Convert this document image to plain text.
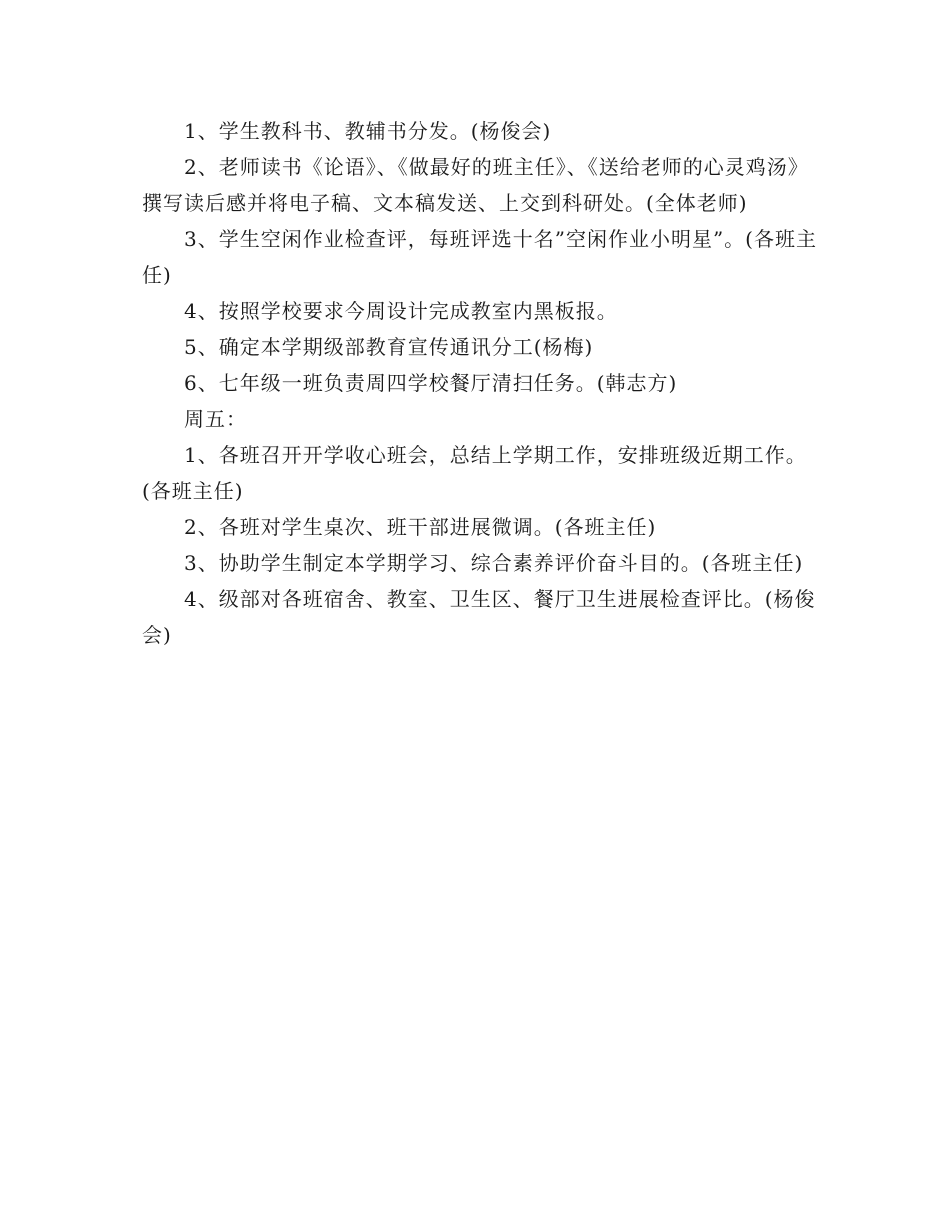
1、学生教科书、教辅书分发。(杨俊会)

2、老师读书《论语》、《做最好的班主任》、《送给老师的心灵鸡汤》撰写读后感并将电子稿、文本稿发送、上交到科研处。(全体老师)

3、学生空闲作业检查评，每班评选十名”空闲作业小明星”。(各班主任)

4、按照学校要求今周设计完成教室内黑板报。

5、确定本学期级部教育宣传通讯分工(杨梅)

6、七年级一班负责周四学校餐厅清扫任务。(韩志方)

周五：

1、各班召开开学收心班会，总结上学期工作，安排班级近期工作。(各班主任)

2、各班对学生桌次、班干部进展微调。(各班主任)

3、协助学生制定本学期学习、综合素养评价奋斗目的。(各班主任)

4、级部对各班宿舍、教室、卫生区、餐厅卫生进展检查评比。(杨俊会)
